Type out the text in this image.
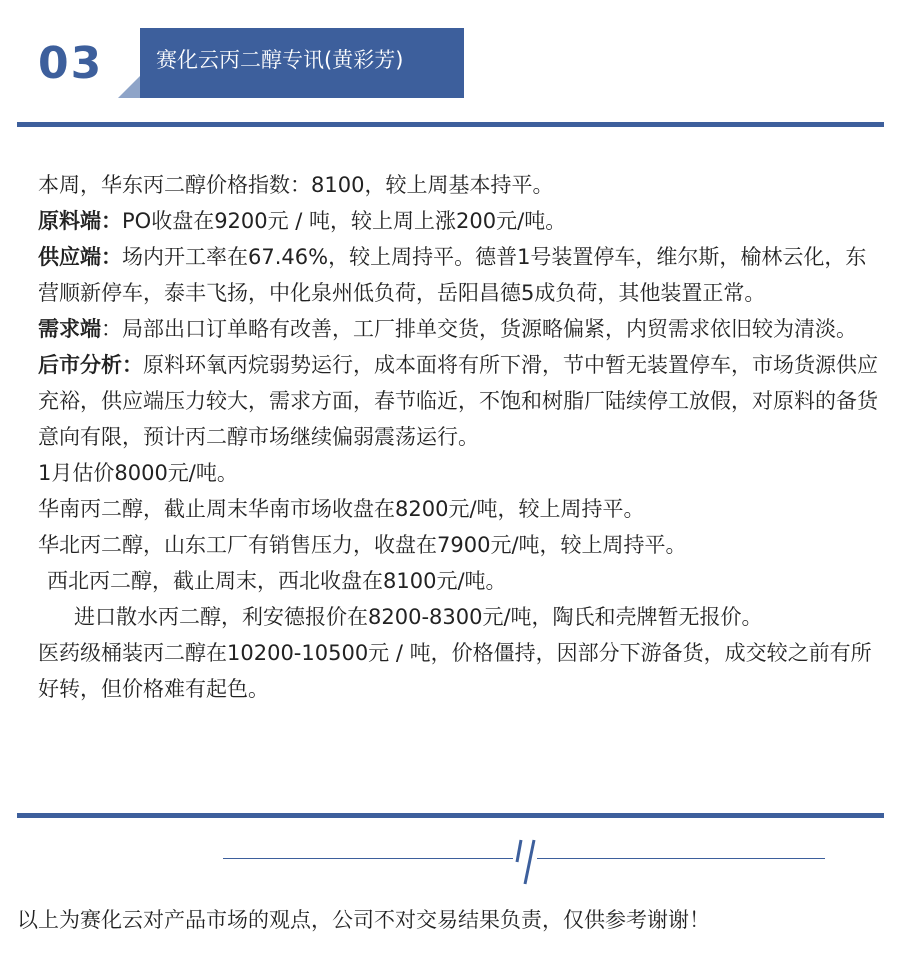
03	赛化云丙二醇专讯(黄彩芳)

本周，华东丙二醇价格指数：8100，较上周基本持平。

原料端：PO收盘在9200元 / 吨，较上周上涨200元/吨。

供应端：场内开工率在67.46%，较上周持平。德普1号装置停车，维尔斯，榆林云化，东营顺新停车，泰丰飞扬，中化泉州低负荷，岳阳昌德5成负荷，其他装置正常。

需求端：局部出口订单略有改善，工厂排单交货，货源略偏紧，内贸需求依旧较为清淡。

后市分析：原料环氧丙烷弱势运行，成本面将有所下滑，节中暂无装置停车，市场货源供应充裕，供应端压力较大，需求方面，春节临近，不饱和树脂厂陆续停工放假，对原料的备货意向有限，预计丙二醇市场继续偏弱震荡运行。

1月估价8000元/吨。

华南丙二醇，截止周末华南市场收盘在8200元/吨，较上周持平。

华北丙二醇，山东工厂有销售压力，收盘在7900元/吨，较上周持平。

西北丙二醇，截止周末，西北收盘在8100元/吨。

进口散水丙二醇，利安德报价在8200-8300元/吨，陶氏和壳牌暂无报价。

医药级桶装丙二醇在10200-10500元 / 吨，价格僵持，因部分下游备货，成交较之前有所好转，但价格难有起色。

以上为赛化云对产品市场的观点，公司不对交易结果负责，仅供参考谢谢！
